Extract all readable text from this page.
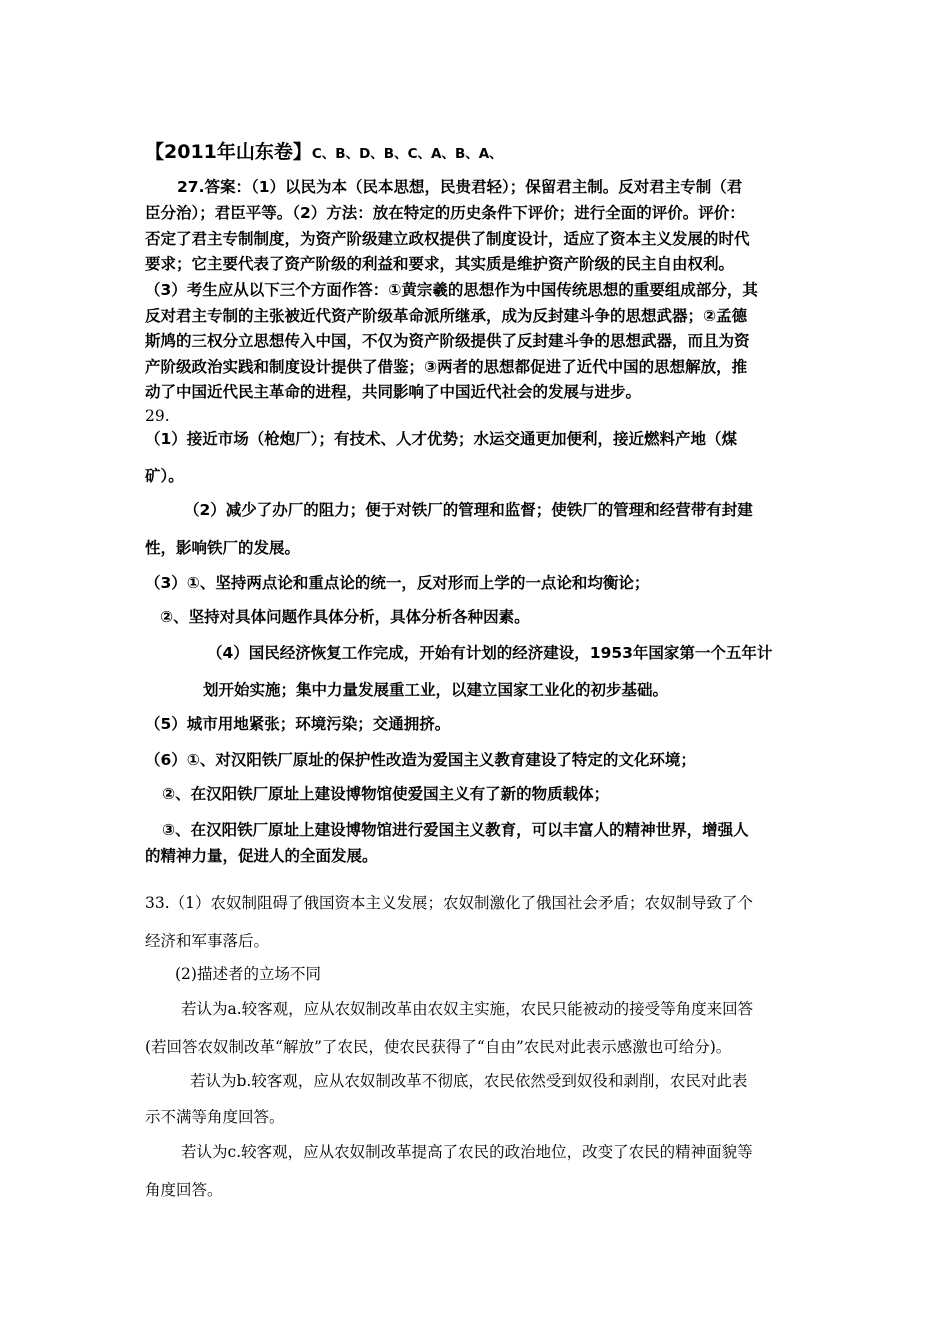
【2011年山东卷】C、B、D、B、C、A、B、A、
27.答案：（1）以民为本（民本思想，民贵君轻）；保留君主制。反对君主专制（君
臣分治）；君臣平等。（2）方法：放在特定的历史条件下评价；进行全面的评价。评价：
否定了君主专制制度，为资产阶级建立政权提供了制度设计，适应了资本主义发展的时代
要求；它主要代表了资产阶级的利益和要求，其实质是维护资产阶级的民主自由权利。
（3）考生应从以下三个方面作答：①黄宗羲的思想作为中国传统思想的重要组成部分，其
反对君主专制的主张被近代资产阶级革命派所继承，成为反封建斗争的思想武器；②孟德
斯鸠的三权分立思想传入中国，不仅为资产阶级提供了反封建斗争的思想武器，而且为资
产阶级政治实践和制度设计提供了借鉴；③两者的思想都促进了近代中国的思想解放，推
动了中国近代民主革命的进程，共同影响了中国近代社会的发展与进步。
29.
（1）接近市场（枪炮厂）；有技术、人才优势；水运交通更加便利，接近燃料产地（煤
矿）。
（2）减少了办厂的阻力；便于对铁厂的管理和监督；使铁厂的管理和经营带有封建
性，影响铁厂的发展。
（3）①、坚持两点论和重点论的统一，反对形而上学的一点论和均衡论；
②、坚持对具体问题作具体分析，具体分析各种因素。
（4）国民经济恢复工作完成，开始有计划的经济建设，1953年国家第一个五年计
划开始实施；集中力量发展重工业，以建立国家工业化的初步基础。
（5）城市用地紧张；环境污染；交通拥挤。
（6）①、对汉阳铁厂原址的保护性改造为爱国主义教育建设了特定的文化环境；
②、在汉阳铁厂原址上建设博物馆使爱国主义有了新的物质载体；
③、在汉阳铁厂原址上建设博物馆进行爱国主义教育，可以丰富人的精神世界，增强人
的精神力量，促进人的全面发展。
33.（1）农奴制阻碍了俄国资本主义发展；农奴制激化了俄国社会矛盾；农奴制导致了个
经济和军事落后。
(2)描述者的立场不同
若认为a.较客观，应从农奴制改革由农奴主实施，农民只能被动的接受等角度来回答
(若回答农奴制改革“解放”了农民，使农民获得了“自由”农民对此表示感激也可给分)。
若认为b.较客观，应从农奴制改革不彻底，农民依然受到奴役和剥削，农民对此表
示不满等角度回答。
若认为c.较客观，应从农奴制改革提高了农民的政治地位，改变了农民的精神面貌等
角度回答。
